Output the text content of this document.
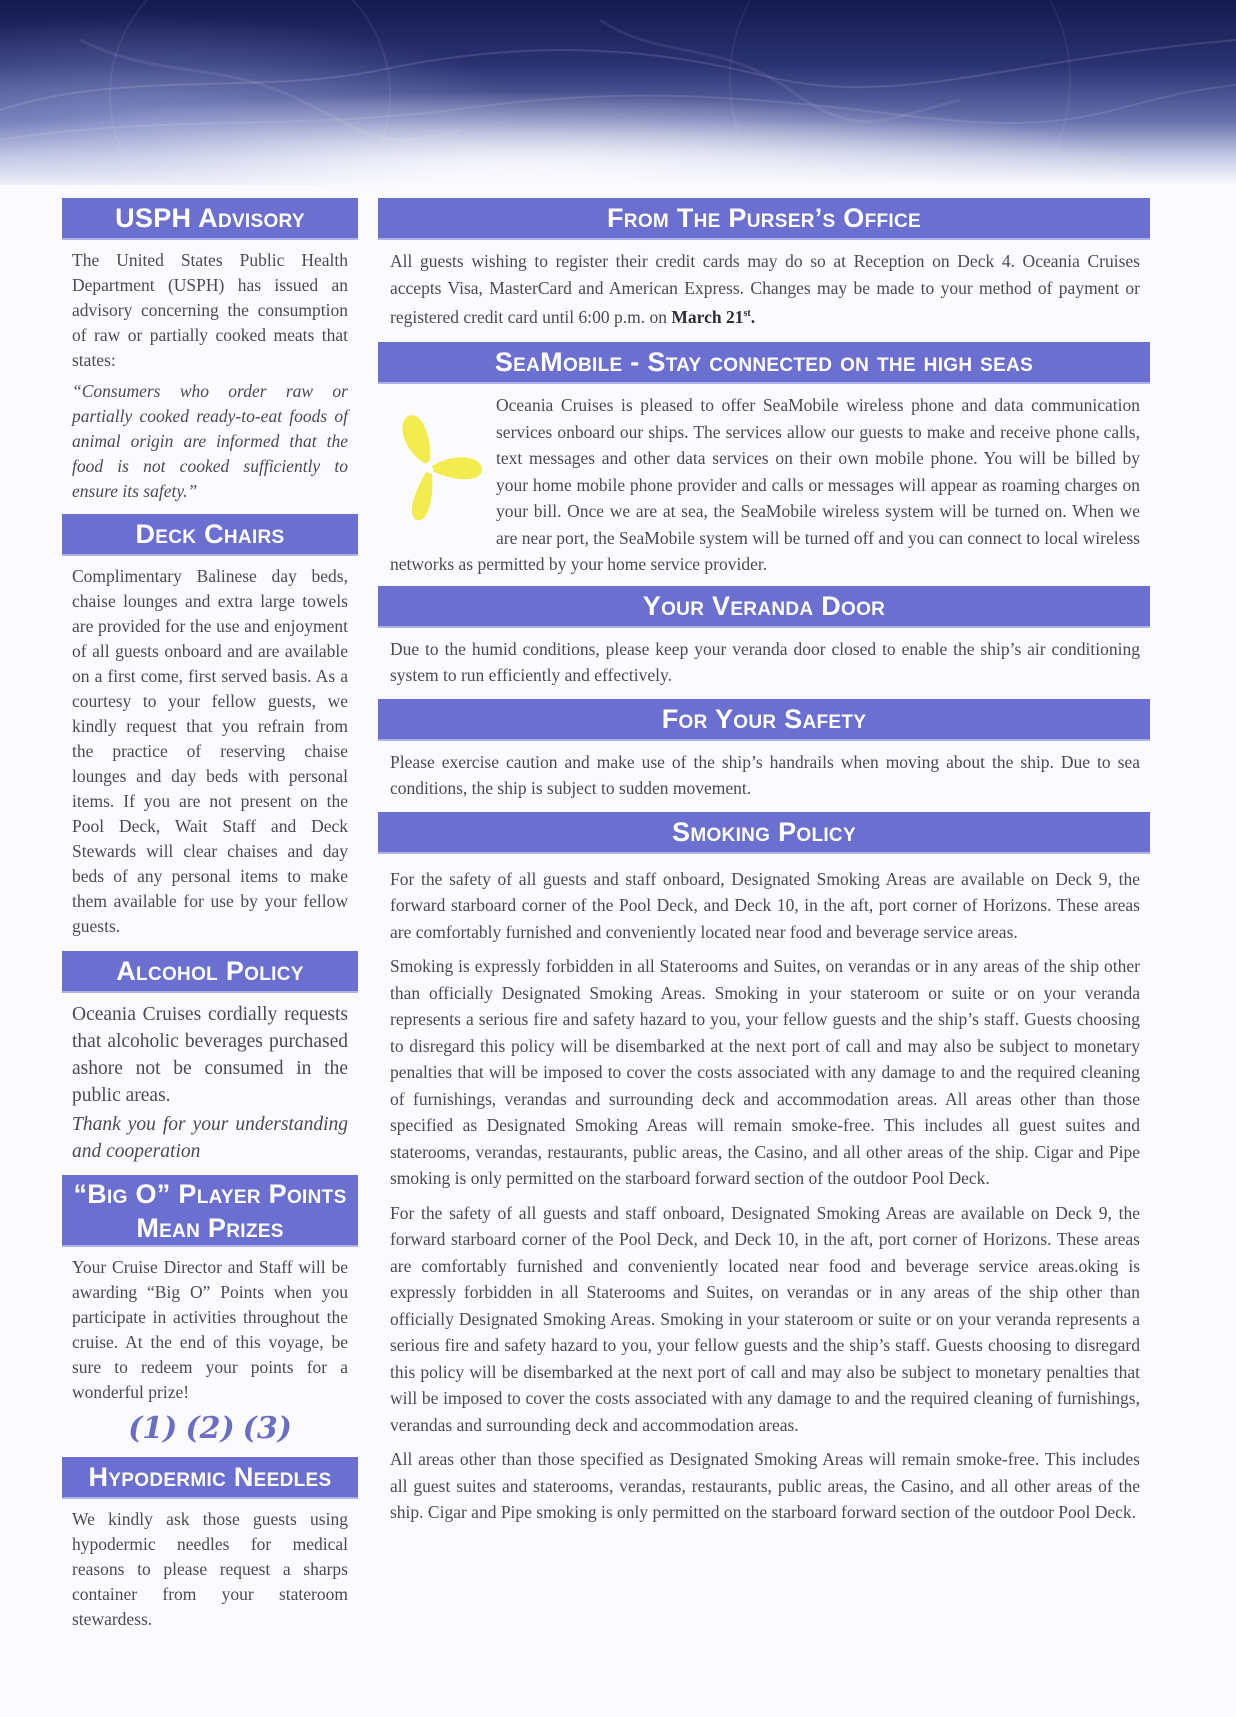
USPH Advisory

The United States Public Health Department (USPH) has issued an advisory concerning the consumption of raw or partially cooked meats that states:

“Consumers who order raw or partially cooked ready-to-eat foods of animal origin are informed that the food is not cooked sufficiently to ensure its safety.”

Deck Chairs

Complimentary Balinese day beds, chaise lounges and extra large towels are provided for the use and enjoyment of all guests onboard and are available on a first come, first served basis. As a courtesy to your fellow guests, we kindly request that you refrain from the practice of reserving chaise lounges and day beds with personal items. If you are not present on the Pool Deck, Wait Staff and Deck Stewards will clear chaises and day beds of any personal items to make them available for use by your fellow guests.

Alcohol Policy

Oceania Cruises cordially requests that alcoholic beverages purchased ashore not be consumed in the public areas.

Thank you for your understanding and cooperation

“Big O” Player Points
Mean Prizes

Your Cruise Director and Staff will be awarding “Big O” Points when you participate in activities throughout the cruise. At the end of this voyage, be sure to redeem your points for a wonderful prize!

(1) (2) (3)
Hypodermic Needles

We kindly ask those guests using hypodermic needles for medical reasons to please request a sharps container from your stateroom stewardess.

From The Purser’s Office

All guests wishing to register their credit cards may do so at Reception on Deck 4. Oceania Cruises accepts Visa, MasterCard and American Express. Changes may be made to your method of payment or registered credit card until 6:00 p.m. on March 21st.

SeaMobile - Stay connected on the high seas

Oceania Cruises is pleased to offer SeaMobile wireless phone and data communication services onboard our ships. The services allow our guests to make and receive phone calls, text messages and other data services on their own mobile phone. You will be billed by your home mobile phone provider and calls or messages will appear as roaming charges on your bill. Once we are at sea, the SeaMobile wireless system will be turned on. When we are near port, the SeaMobile system will be turned off and you can connect to local wireless networks as permitted by your home service provider.

Your Veranda Door

Due to the humid conditions, please keep your veranda door closed to enable the ship’s air conditioning system to run efficiently and effectively.

For Your Safety

Please exercise caution and make use of the ship’s handrails when moving about the ship. Due to sea conditions, the ship is subject to sudden movement.

Smoking Policy

For the safety of all guests and staff onboard, Designated Smoking Areas are available on Deck 9, the forward starboard corner of the Pool Deck, and Deck 10, in the aft, port corner of Horizons. These areas are comfortably furnished and conveniently located near food and beverage service areas.

Smoking is expressly forbidden in all Staterooms and Suites, on verandas or in any areas of the ship other than officially Designated Smoking Areas. Smoking in your stateroom or suite or on your veranda represents a serious fire and safety hazard to you, your fellow guests and the ship’s staff. Guests choosing to disregard this policy will be disembarked at the next port of call and may also be subject to monetary penalties that will be imposed to cover the costs associated with any damage to and the required cleaning of furnishings, verandas and surrounding deck and accommodation areas. All areas other than those specified as Designated Smoking Areas will remain smoke-free. This includes all guest suites and staterooms, verandas, restaurants, public areas, the Casino, and all other areas of the ship. Cigar and Pipe smoking is only permitted on the starboard forward section of the outdoor Pool Deck.

For the safety of all guests and staff onboard, Designated Smoking Areas are available on Deck 9, the forward starboard corner of the Pool Deck, and Deck 10, in the aft, port corner of Horizons. These areas are comfortably furnished and conveniently located near food and beverage service areas.oking is expressly forbidden in all Staterooms and Suites, on verandas or in any areas of the ship other than officially Designated Smoking Areas. Smoking in your stateroom or suite or on your veranda represents a serious fire and safety hazard to you, your fellow guests and the ship’s staff. Guests choosing to disregard this policy will be disembarked at the next port of call and may also be subject to monetary penalties that will be imposed to cover the costs associated with any damage to and the required cleaning of furnishings, verandas and surrounding deck and accommodation areas.

All areas other than those specified as Designated Smoking Areas will remain smoke-free. This includes all guest suites and staterooms, verandas, restaurants, public areas, the Casino, and all other areas of the ship. Cigar and Pipe smoking is only permitted on the starboard forward section of the outdoor Pool Deck.
